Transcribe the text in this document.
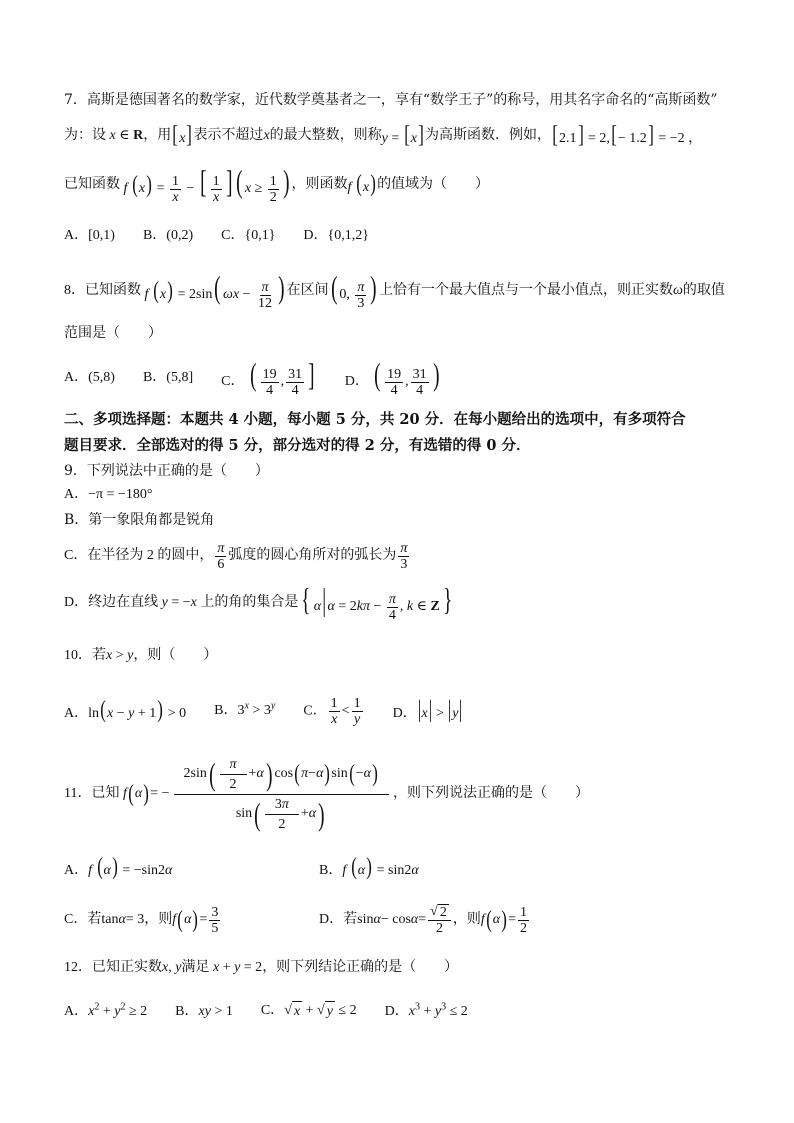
7．高斯是德国著名的数学家，近代数学奠基者之一，享有“数学王子”的称号，用其名字命名的“高斯函数”
为：设 x ∈ R ，用 [x] 表示不超过 x 的最大整数，则称 y = [x] 为高斯函数．例如， [2.1] = 2,[− 1.2] = −2 ，
已知函数 f $(x) = \frac{1}{x}$ − [ $\frac{1}{x}$ ] ( $x \ge \frac{1}{2}$ ) ，则函数 f (x) 的值域为（　　）
A．[0,1) B．(0,2) C．{0,1} D．{0,1,2}
8．已知函数 f (x) = 2sin( $\omega x - \frac{\pi}{12}$ ) 在区间 ( 0, $\frac{\pi}{3}$ ) 上恰有一个最大值点与一个最小值点，则正实数 ω 的取值
范围是（　　）
A．(5,8) B．(5,8] C． ( $\frac{19}{4}$ , $\frac{31}{4}$ ] D． ( $\frac{19}{4}$ , $\frac{31}{4}$ )
二、多项选择题：本题共 4 小题，每小题 5 分，共 20 分．在每小题给出的选项中，有多项符合
题目要求．全部选对的得 5 分，部分选对的得 2 分，有选错的得 0 分．
9．下列说法中正确的是（　　）
A． −π = −180°
B．第一象限角都是锐角
C．在半径为 2 的圆中， $\frac{\pi}{6}$ 弧度的圆心角所对的弧长为 $\frac{\pi}{3}$
D．终边在直线 y = −x 上的角的集合是 { $\alpha|\alpha = 2k\pi - \frac{\pi}{4}$ , k ∈ Z}
10．若 x > y ，则（　　）
A．ln(x − y + 1) > 0 B．$3^x > 3^y$ C． $\frac{1}{x} < \frac{1}{y}$ D．|x| > |y|
11．已知
f ( α ) = − $\frac{2\sin ( \frac{\pi}{2} + \alpha ) \cos ( \pi - \alpha ) \sin ( - \alpha )}{\sin ( \frac{3 \pi}{2} + \alpha )}$ ，则下列说法正确的是（　　）
A．f (α) = −sin2α	B．f (α) = sin2α
C．若 tan α = 3 ，则 f ( α ) = $\frac{3}{5}$	D．若 $\sin \alpha - \cos \alpha = \frac{√ 2}{2}$ ，则 f ( α ) = $\frac{1}{2}$
12．已知正实数 x, y 满足 x + y = 2 ，则下列结论正确的是（　　）
A．$x^2 + y^2 \ge 2$ B．xy > 1 C．√ x + √ y ≤ 2 D．$x^3 + y^3 \le 2$
